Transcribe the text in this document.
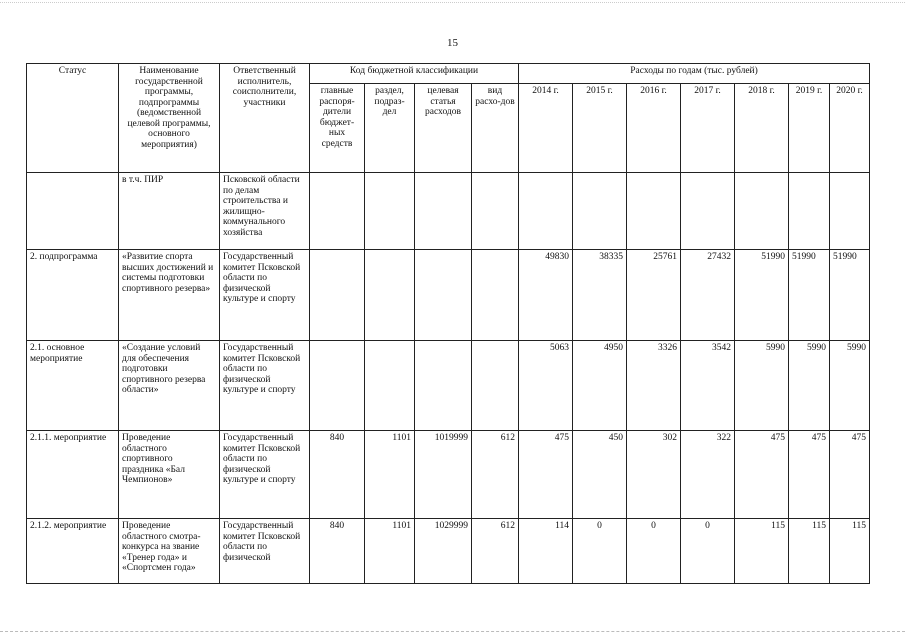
15
Статус	Наименование государственной программы, подпрограммы (ведомственной целевой программы, основного мероприятия)	Ответственный исполнитель, соисполнители, участники	Код бюджетной классификации				Расходы по годам (тыс. рублей)						
			главные распоря-дители бюджет-ных средств	раздел, подраз-дел	целевая статья расходов	вид расхо-дов	2014 г.	2015 г.	2016 г.	2017 г.	2018 г.	2019 г.	2020 г.
	в т.ч. ПИР	Псковской области по делам строительства и жилищно-коммунального хозяйства											
2. подпрограмма	«Развитие спорта высших достижений и системы подготовки спортивного резерва»	Государственный комитет Псковской области по физической культуре и спорту					49830	38335	25761	27432	51990	51990	51990
2.1. основное мероприятие	«Создание условий для обеспечения подготовки спортивного резерва области»	Государственный комитет Псковской области по физической культуре и спорту					5063	4950	3326	3542	5990	5990	5990
2.1.1. мероприятие	Проведение областного спортивного праздника «Бал Чемпионов»	Государственный комитет Псковской области по физической культуре и спорту	840	1101	1019999	612	475	450	302	322	475	475	475
2.1.2. мероприятие	Проведение областного смотра-конкурса на звание «Тренер года» и «Спортсмен года»	Государственный комитет Псковской области по физической	840	1101	1029999	612	114	0	0	0	115	115	115
